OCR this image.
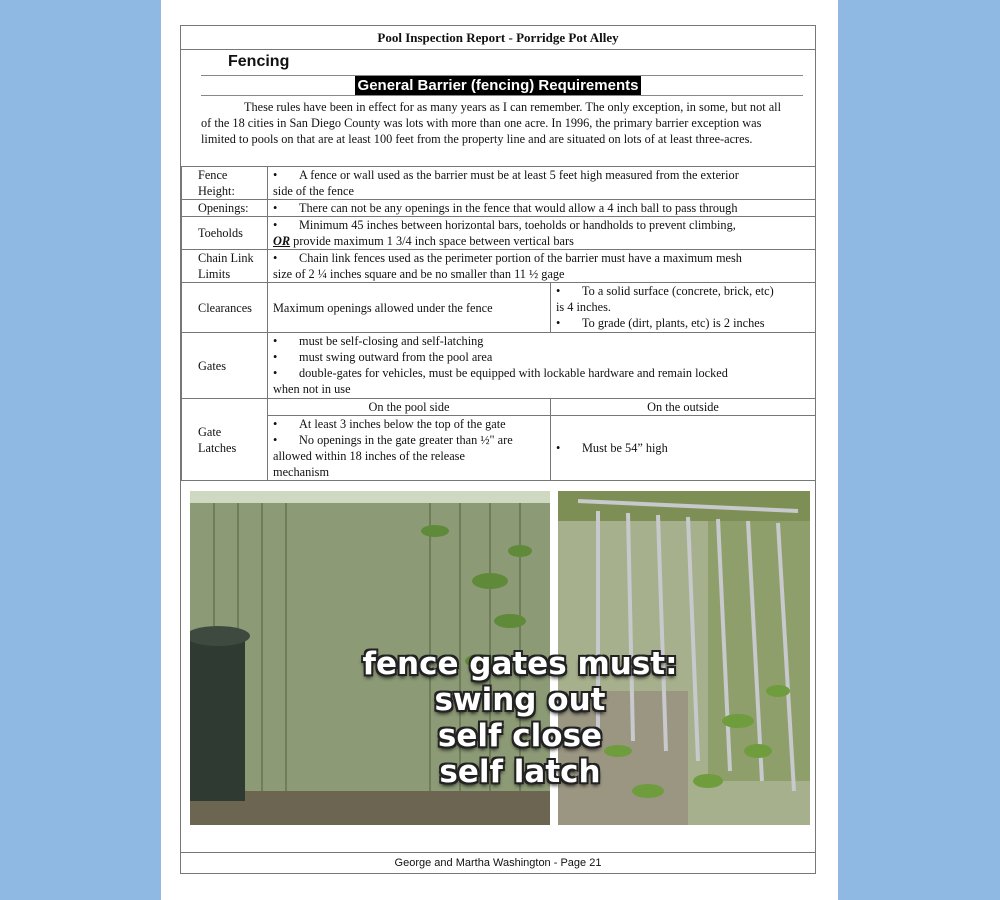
Pool Inspection Report - Porridge Pot Alley
Fencing
General Barrier (fencing) Requirements
These rules have been in effect for as many years as I can remember. The only exception, in some, but not all of the 18 cities in San Diego County was lots with more than one acre. In 1996, the primary barrier exception was limited to pools on that are at least 100 feet from the property line and are situated on lots of at least three-acres.
Fence
Height:	• A fence or wall used as the barrier must be at least 5 feet high measured from the exterior
side of the fence
Openings:	•There can not be any openings in the fence that would allow a 4 inch ball to pass through
Toeholds	• Minimum 45 inches between horizontal bars, toeholds or handholds to prevent climbing,
OR provide maximum 1 3/4 inch space between vertical bars
Chain Link
Limits	• Chain link fences used as the perimeter portion of the barrier must have a maximum mesh
size of 2 ¼ inches square and be no smaller than 11 ½ gage
Clearances	Maximum openings allowed under the fence	• To a solid surface (concrete, brick, etc)
is 4 inches.
• To grade (dirt, plants, etc) is 2 inches
Gates	• must be self-closing and self-latching
• must swing outward from the pool area
• double-gates for vehicles, must be equipped with lockable hardware and remain locked
when not in use
Gate
Latches	On the pool side	On the outside
• At least 3 inches below the top of the gate
• No openings in the gate greater than ½" are
allowed within 18 inches of the release
mechanism	• Must be 54” high
fence gates must:
swing out
self close
self latch
George and Martha Washington - Page 21
